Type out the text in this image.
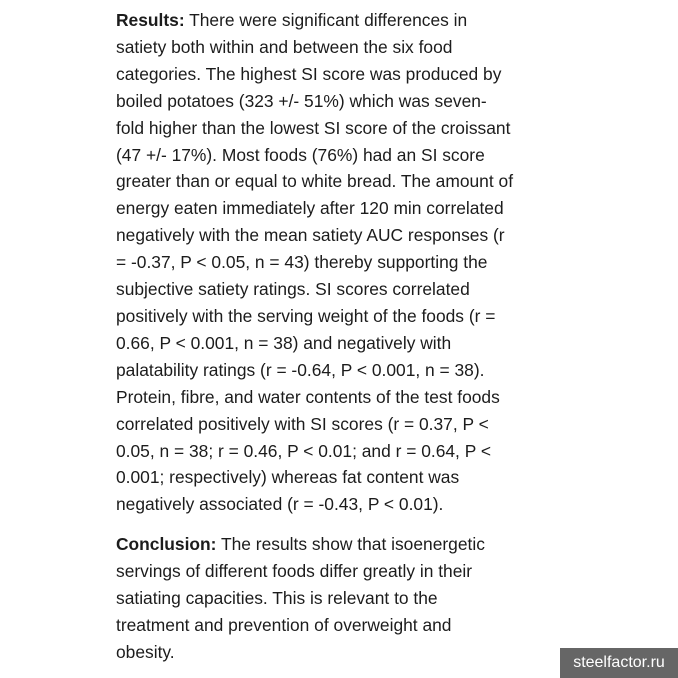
Results: There were significant differences in
satiety both within and between the six food
categories. The highest SI score was produced by
boiled potatoes (323 +/- 51%) which was seven-
fold higher than the lowest SI score of the croissant
(47 +/- 17%). Most foods (76%) had an SI score
greater than or equal to white bread. The amount of
energy eaten immediately after 120 min correlated
negatively with the mean satiety AUC responses (r
= -0.37, P < 0.05, n = 43) thereby supporting the
subjective satiety ratings. SI scores correlated
positively with the serving weight of the foods (r =
0.66, P < 0.001, n = 38) and negatively with
palatability ratings (r = -0.64, P < 0.001, n = 38).
Protein, fibre, and water contents of the test foods
correlated positively with SI scores (r = 0.37, P <
0.05, n = 38; r = 0.46, P < 0.01; and r = 0.64, P <
0.001; respectively) whereas fat content was
negatively associated (r = -0.43, P < 0.01).
Conclusion: The results show that isoenergetic
servings of different foods differ greatly in their
satiating capacities. This is relevant to the
treatment and prevention of overweight and
obesity.
steelfactor.ru
